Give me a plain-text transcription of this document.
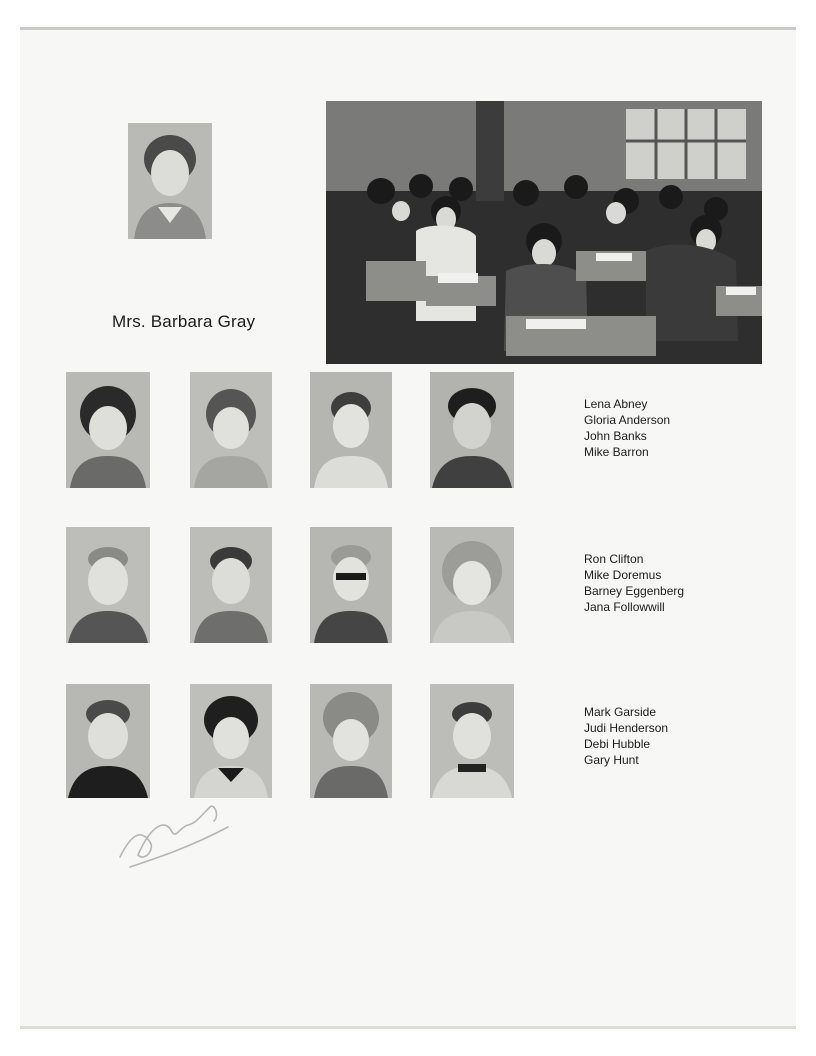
Mrs. Barbara Gray
Lena Abney
Gloria Anderson
John Banks
Mike Barron
Ron Clifton
Mike Doremus
Barney Eggenberg
Jana Followwill
Mark Garside
Judi Henderson
Debi Hubble
Gary Hunt
